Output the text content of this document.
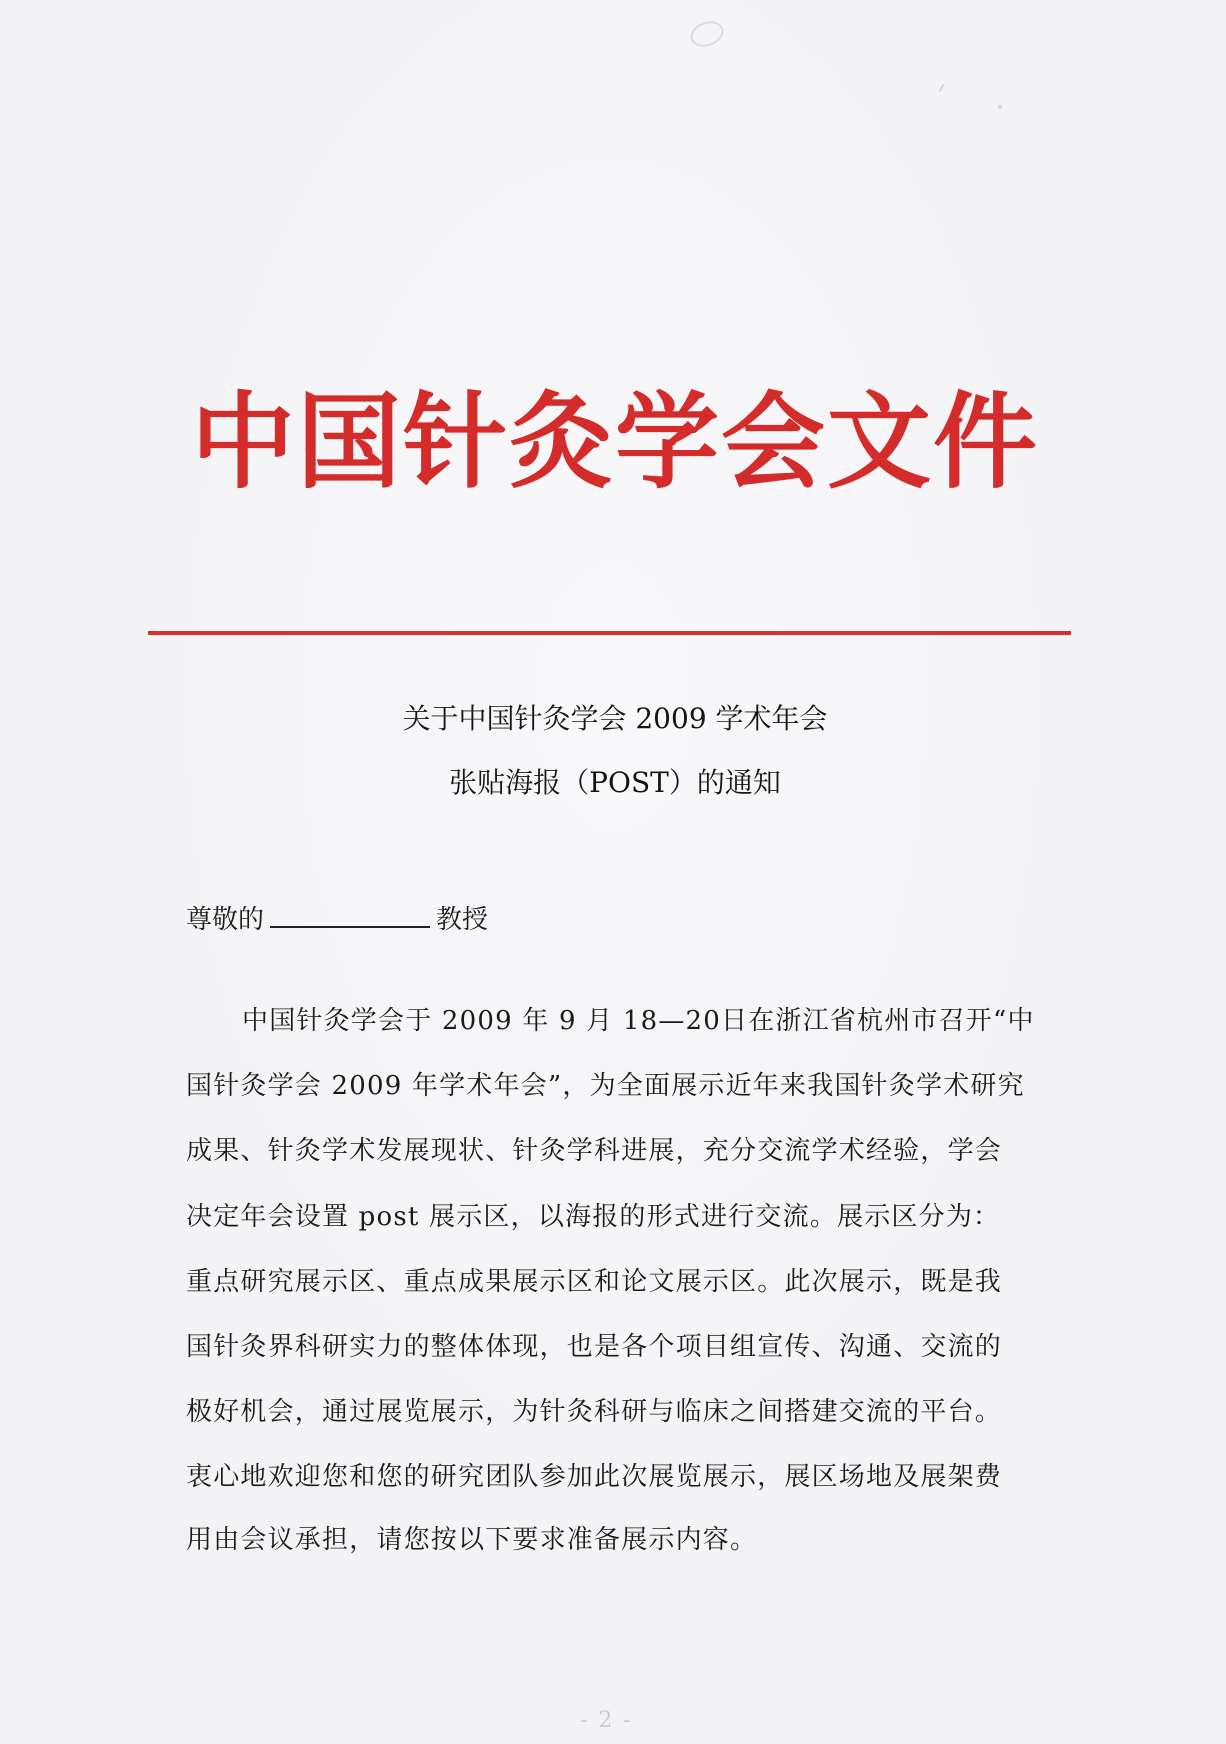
中国针灸学会文件
关于中国针灸学会 2009 学术年会
张贴海报（POST）的通知
尊敬的	教授
中国针灸学会于 2009 年 9 月 18—20日在浙江省杭州市召开“中
国针灸学会 2009 年学术年会”，为全面展示近年来我国针灸学术研究
成果、针灸学术发展现状、针灸学科进展，充分交流学术经验，学会
决定年会设置 post 展示区，以海报的形式进行交流。展示区分为：
重点研究展示区、重点成果展示区和论文展示区。此次展示，既是我
国针灸界科研实力的整体体现，也是各个项目组宣传、沟通、交流的
极好机会，通过展览展示，为针灸科研与临床之间搭建交流的平台。
衷心地欢迎您和您的研究团队参加此次展览展示，展区场地及展架费
用由会议承担，请您按以下要求准备展示内容。
- 2 -
